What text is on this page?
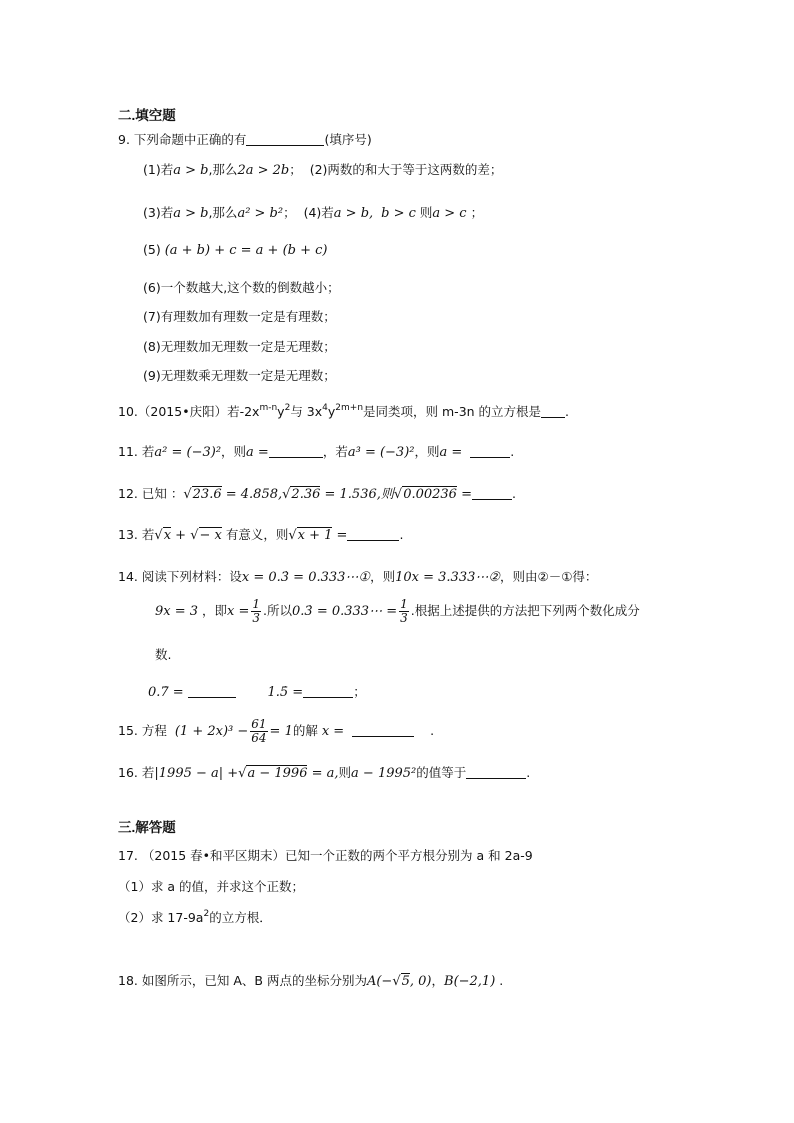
二.填空题
9. 下列命题中正确的有	(填序号)
(1)若a > b,那么2a > 2b； (2)两数的和大于等于这两数的差；
(3)若a > b,那么a² > b²； (4)若a > b, b > c 则a > c ；
(5) (a + b) + c = a + (b + c)
(6)一个数越大,这个数的倒数越小；
(7)有理数加有理数一定是有理数；
(8)无理数加无理数一定是无理数；
(9)无理数乘无理数一定是无理数；
10.（2015•庆阳）若$-2x^{m-n}y^2$与 $3x^4y^{2m+n}$是同类项，则 m-3n 的立方根是 .
11. 若a² = (−3)²，则a =	，若a³ = (−3)²，则a =	.
12. 已知 ：√23.6 = 4.858,√2.36 = 1.536,则√0.00236 =	.
13. 若√x + √− x 有意义，则√x + 1 =	.
14. 阅读下列材料：设x = 0.3̇ = 0.333⋯①，则10x = 3.333⋯②，则由②－①得：
9x = 3 ，即$x = \frac{1}{3}$ .所以0.3̇ = 0.333⋯ = $\frac{1}{3}$ .根据上述提供的方法把下列两个数化成分
数.
0.7̇ =	1.5̇ =	；
15. 方程 $(1 + 2x)^3 - \frac{61}{64} = 1$的解 x =	.
16. 若|1995 − a| +√a − 1996 = a,则a − 1995²的值等于	.
三.解答题
17. （2015 春•和平区期末）已知一个正数的两个平方根分别为 a 和 2a-9
（1）求 a 的值，并求这个正数；
（2）求 $17-9a^2$的立方根．
18. 如图所示，已知 A、B 两点的坐标分别为A(−√5, 0)，B(−2,1) .
